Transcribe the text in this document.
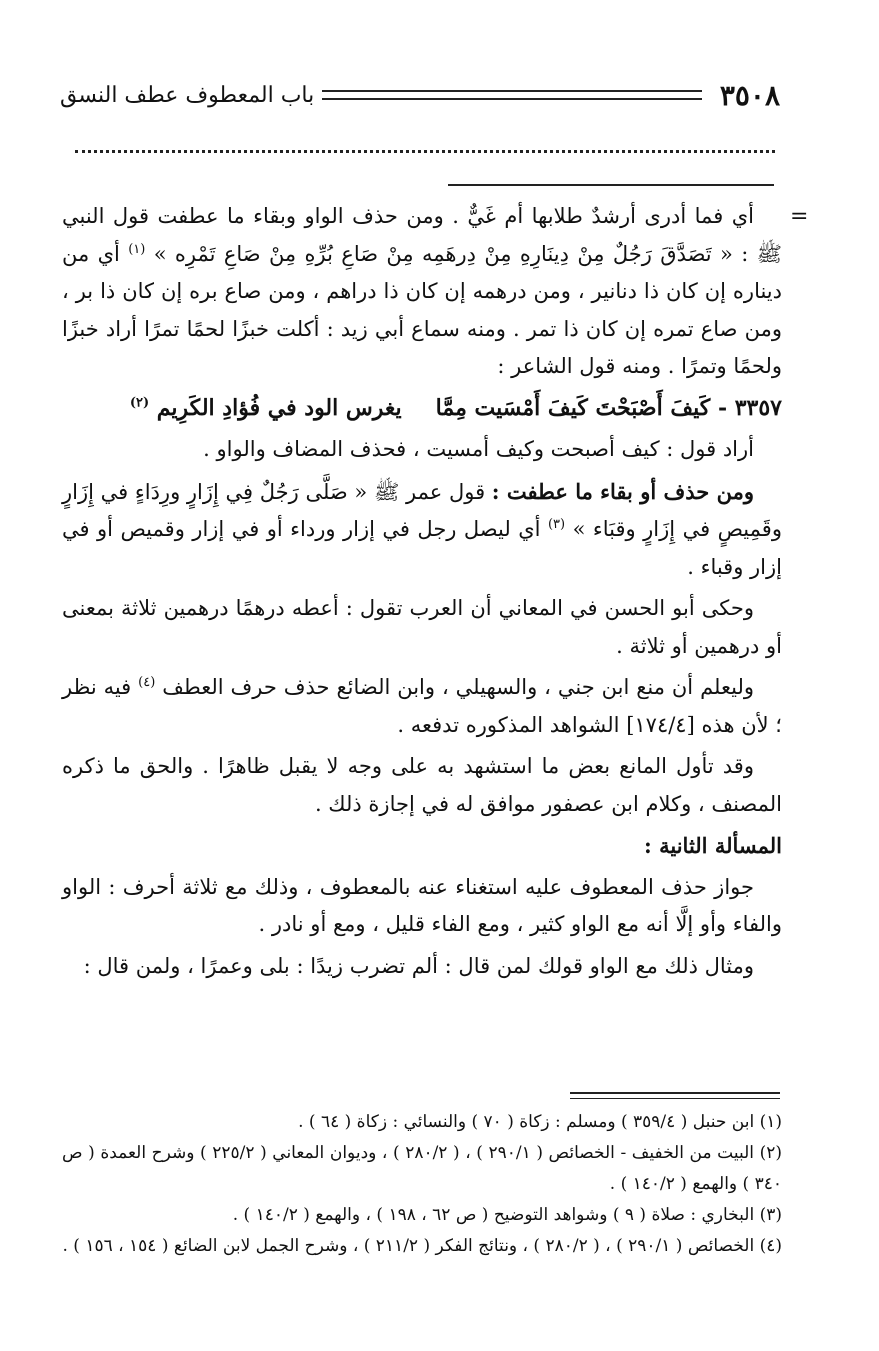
٣٥٠٨
باب المعطوف عطف النسق
=

أي فما أدرى أرشدٌ طلابها أم غَيٌّ . ومن حذف الواو وبقاء ما عطفت قول النبي ﷺ : « تَصَدَّقَ رَجُلٌ مِنْ دِينَارِهِ مِنْ دِرهَمِه مِنْ صَاعِ بُرِّهِ مِنْ صَاعِ تَمْرِه » $^{(١)}$ أي من ديناره إن كان ذا دنانير ، ومن درهمه إن كان ذا دراهم ، ومن صاع بره إن كان ذا بر ، ومن صاع تمره إن كان ذا تمر . ومنه سماع أبي زيد : أكلت خبزًا لحمًا تمرًا أراد خبزًا ولحمًا وتمرًا . ومنه قول الشاعر :

٣٣٥٧ - كَيفَ أَصْبَحْتَ كَيفَ أَمْسَيت مِمَّا
يغرس الود في فُؤادِ الكَرِيم $^{(٢)}$

أراد قول : كيف أصبحت وكيف أمسيت ، فحذف المضاف والواو .

ومن حذف أو بقاء ما عطفت : قول عمر ﷺ « صَلَّى رَجُلٌ فِي إِزَارٍ ورِدَاءٍ في إِزَارٍ وقَمِيصٍ في إِزَارٍ وقبَاء » $^{(٣)}$ أي ليصل رجل في إزار ورداء أو في إزار وقميص أو في إزار وقباء .

وحكى أبو الحسن في المعاني أن العرب تقول : أعطه درهمًا درهمين ثلاثة بمعنى أو درهمين أو ثلاثة .

وليعلم أن منع ابن جني ، والسهيلي ، وابن الضائع حذف حرف العطف $^{(٤)}$ فيه نظر ؛ لأن هذه [١٧٤/٤] الشواهد المذكوره تدفعه .

وقد تأول المانع بعض ما استشهد به على وجه لا يقبل ظاهرًا . والحق ما ذكره المصنف ، وكلام ابن عصفور موافق له في إجازة ذلك .

المسألة الثانية :

جواز حذف المعطوف عليه استغناء عنه بالمعطوف ، وذلك مع ثلاثة أحرف : الواو والفاء وأو إلَّا أنه مع الواو كثير ، ومع الفاء قليل ، ومع أو نادر .

ومثال ذلك مع الواو قولك لمن قال : ألم تضرب زيدًا : بلى وعمرًا ، ولمن قال :

(١) ابن حنبل ( ٣٥٩/٤ ) ومسلم : زكاة ( ٧٠ ) والنسائي : زكاة ( ٦٤ ) .

(٢) البيت من الخفيف - الخصائص ( ٢٩٠/١ ) ، ( ٢٨٠/٢ ) ، وديوان المعاني ( ٢٢٥/٢ ) وشرح العمدة ( ص ٣٤٠ ) والهمع ( ١٤٠/٢ ) .

(٣) البخاري : صلاة ( ٩ ) وشواهد التوضيح ( ص ٦٢ ، ١٩٨ ) ، والهمع ( ١٤٠/٢ ) .

(٤) الخصائص ( ٢٩٠/١ ) ، ( ٢٨٠/٢ ) ، ونتائج الفكر ( ٢١١/٢ ) ، وشرح الجمل لابن الضائع ( ١٥٤ ، ١٥٦ ) .
